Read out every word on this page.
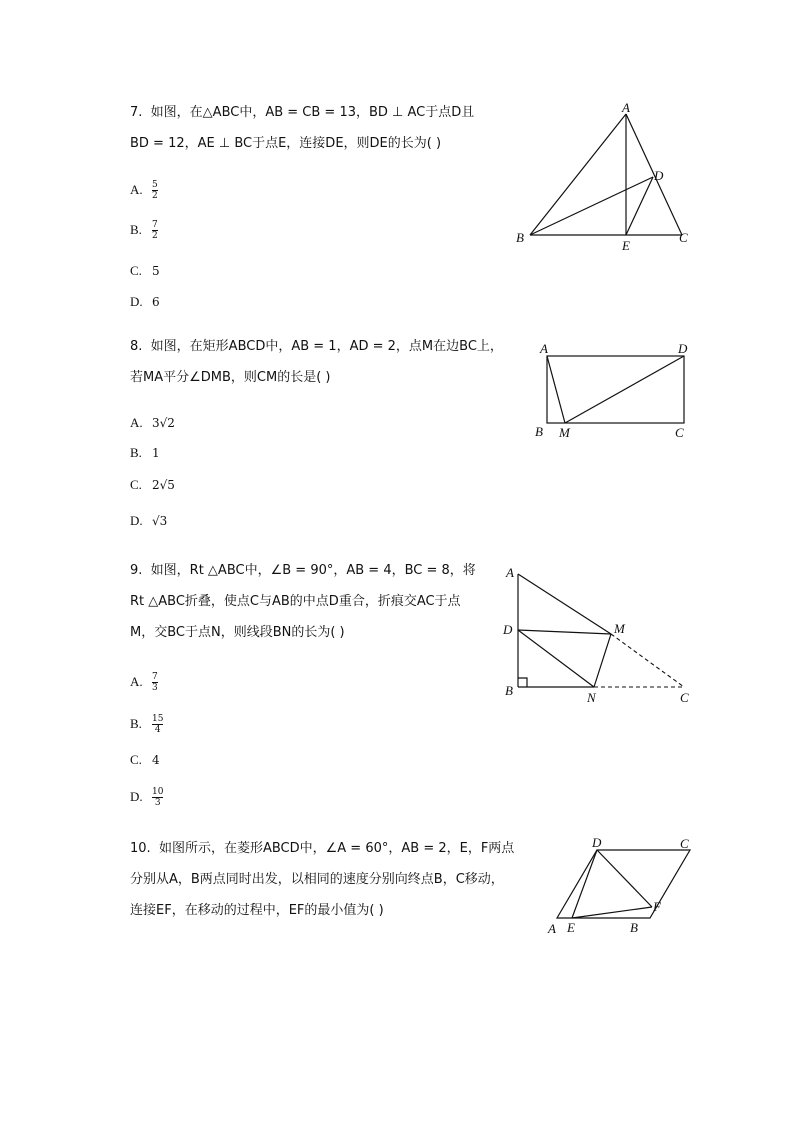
7. 如图，在△ABC中，AB = CB = 13，BD ⊥ AC于点D且
BD = 12，AE ⊥ BC于点E，连接DE，则DE的长为( )

A.	$\frac{5}{2}$
B.	$\frac{7}{2}$
C. 5
D. 6
A
B	C
D
E

8. 如图，在矩形ABCD中，AB = 1，AD = 2，点M在边BC上，
若MA平分∠DMB，则CM的长是( )

A. 3√2
B. 1
C. 2√5
D. √3
A	D
B M	C

9. 如图，Rt △ABC中，∠B = 90°，AB = 4，BC = 8，将
Rt △ABC折叠，使点C与AB的中点D重合，折痕交AC于点
M，交BC于点N，则线段BN的长为( )

A.	$\frac{7}{3}$
B.	$\frac{15}{4}$
C. 4
D.	$\frac{10}{3}$
A
D	M
B	N	C

10. 如图所示，在菱形ABCD中，∠A = 60°，AB = 2，E，F两点
分别从A，B两点同时出发，以相同的速度分别向终点B，C移动，
连接EF，在移动的过程中，EF的最小值为( )

D	C
F
A E	B
